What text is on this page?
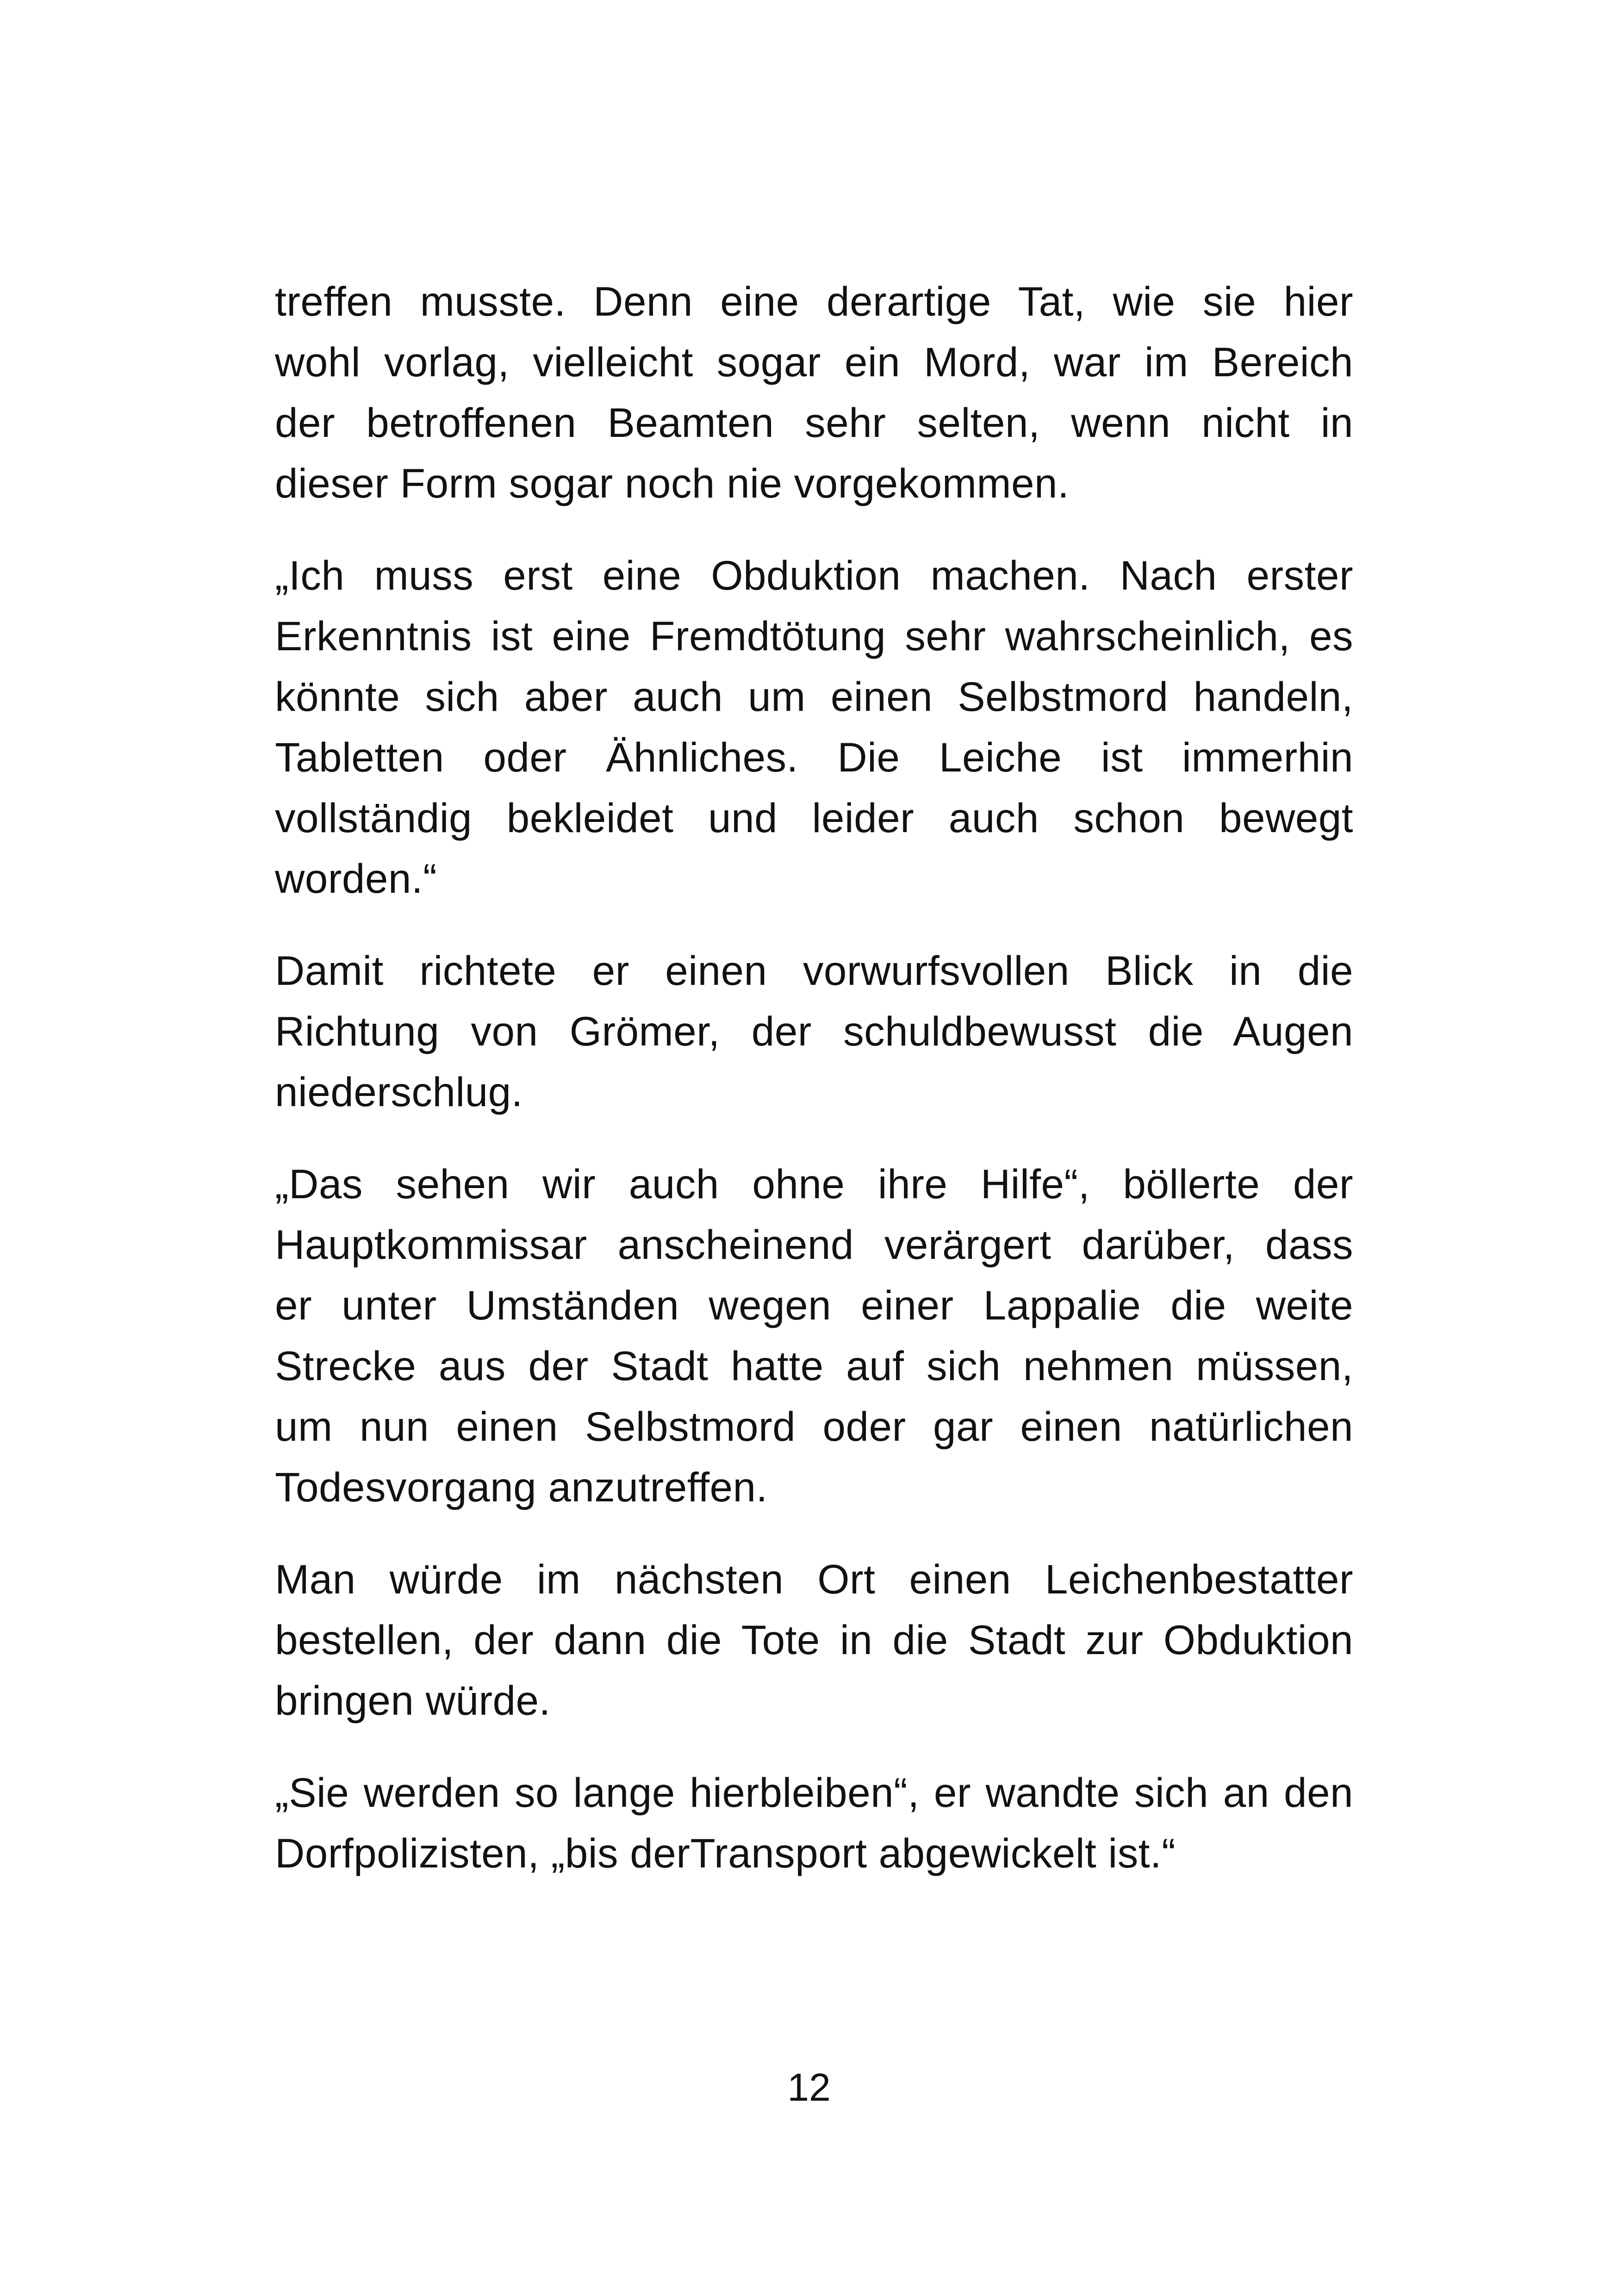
treffen musste. Denn eine derartige Tat, wie sie hier
wohl vorlag, vielleicht sogar ein Mord, war im Bereich
der betroffenen Beamten sehr selten, wenn nicht in
dieser Form sogar noch nie vorgekommen.

„Ich muss erst eine Obduktion machen. Nach erster
Erkenntnis ist eine Fremdtötung sehr wahrscheinlich, es
könnte sich aber auch um einen Selbstmord handeln,
Tabletten oder Ähnliches. Die Leiche ist immerhin
vollständig bekleidet und leider auch schon bewegt
worden.“

Damit richtete er einen vorwurfsvollen Blick in die
Richtung von Grömer, der schuldbewusst die Augen
niederschlug.

„Das sehen wir auch ohne ihre Hilfe“, böllerte der
Hauptkommissar anscheinend verärgert darüber, dass
er unter Umständen wegen einer Lappalie die weite
Strecke aus der Stadt hatte auf sich nehmen müssen,
um nun einen Selbstmord oder gar einen natürlichen
Todesvorgang anzutreffen.

Man würde im nächsten Ort einen Leichenbestatter
bestellen, der dann die Tote in die Stadt zur Obduktion
bringen würde.

„Sie werden so lange hierbleiben“, er wandte sich an den
Dorfpolizisten, „bis derTransport abgewickelt ist.“

12
